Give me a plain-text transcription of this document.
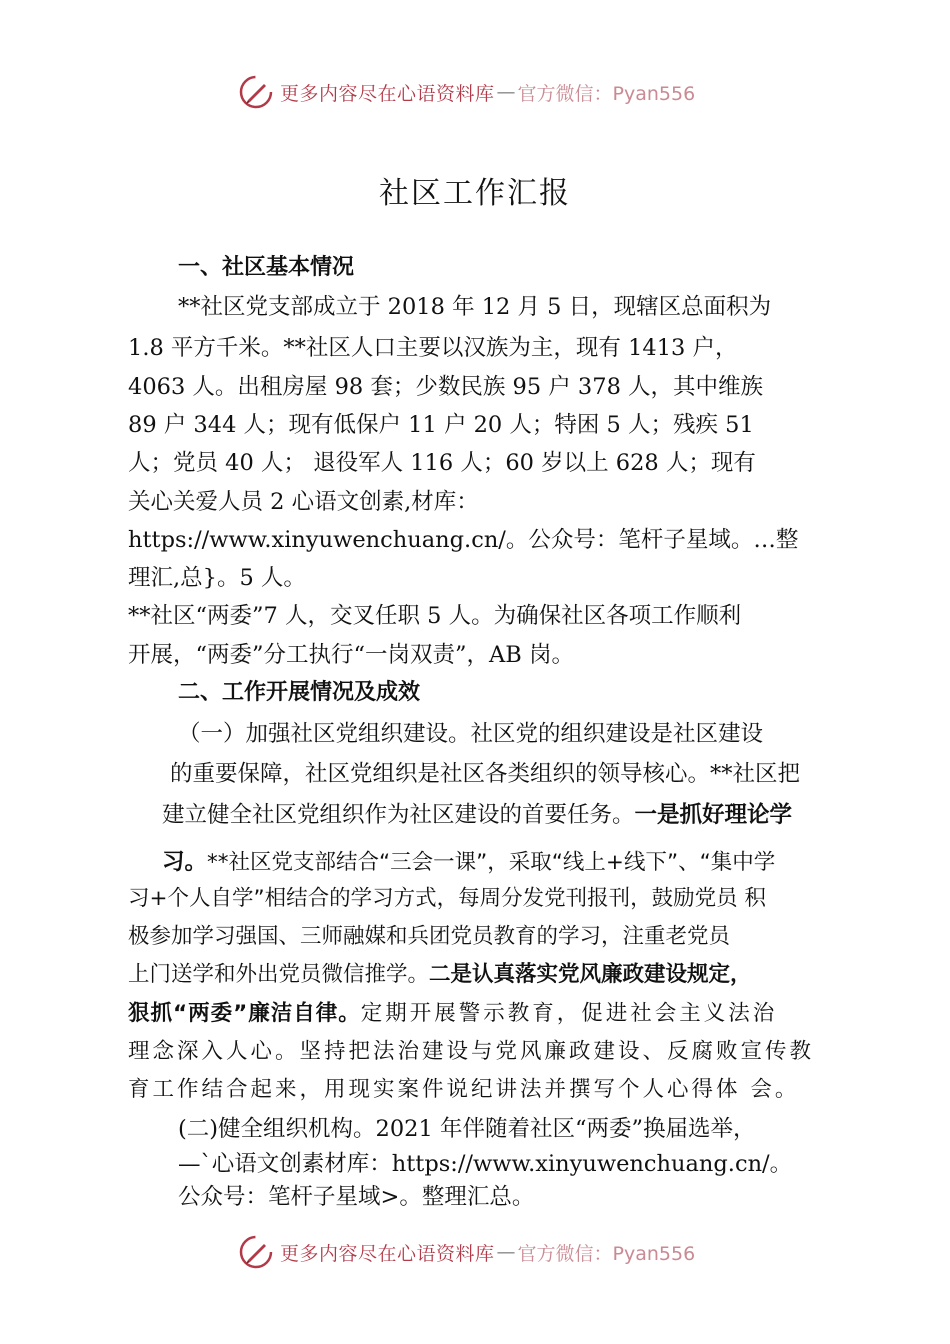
更多内容尽在心语资料库 — 官方微信：Pyan556
社区工作汇报

一、社区基本情况

**社区党支部成立于 2018 年 12 月 5 日，现辖区总面积为

1.8 平方千米。**社区人口主要以汉族为主，现有 1413 户，

4063 人。出租房屋 98 套；少数民族 95 户 378 人，其中维族

89 户 344 人；现有低保户 11 户 20 人；特困 5 人；残疾 51

人；党员 40 人； 退役军人 116 人；60 岁以上 628 人；现有

关心关爱人员 2 心语文创素,材库：

https://www.xinyuwenchuang.cn/。公众号：笔杆子星域。…整

理汇,总}。5 人。

**社区“两委”7 人，交叉任职 5 人。为确保社区各项工作顺利

开展，“两委”分工执行“一岗双责”，AB 岗。

二、工作开展情况及成效

（一）加强社区党组织建设。社区党的组织建设是社区建设

的重要保障，社区党组织是社区各类组织的领导核心。**社区把

建立健全社区党组织作为社区建设的首要任务。一是抓好理论学

习。**社区党支部结合“三会一课”，采取“线上+线下”、“集中学

习+个人自学”相结合的学习方式，每周分发党刊报刊，鼓励党员 积

极参加学习强国、三师融媒和兵团党员教育的学习，注重老党员

上门送学和外出党员微信推学。二是认真落实党风廉政建设规定，

狠抓“两委”廉洁自律。定期开展警示教育，促进社会主义法治

理念深入人心。坚持把法治建设与党风廉政建设、反腐败宣传教

育工作结合起来，用现实案件说纪讲法并撰写个人心得体 会。

(二)健全组织机构。2021 年伴随着社区“两委”换届选举，

—`心语文创素材库：https://www.xinyuwenchuang.cn/。

公众号：笔杆子星域>。整理汇总。

更多内容尽在心语资料库 — 官方微信：Pyan556
